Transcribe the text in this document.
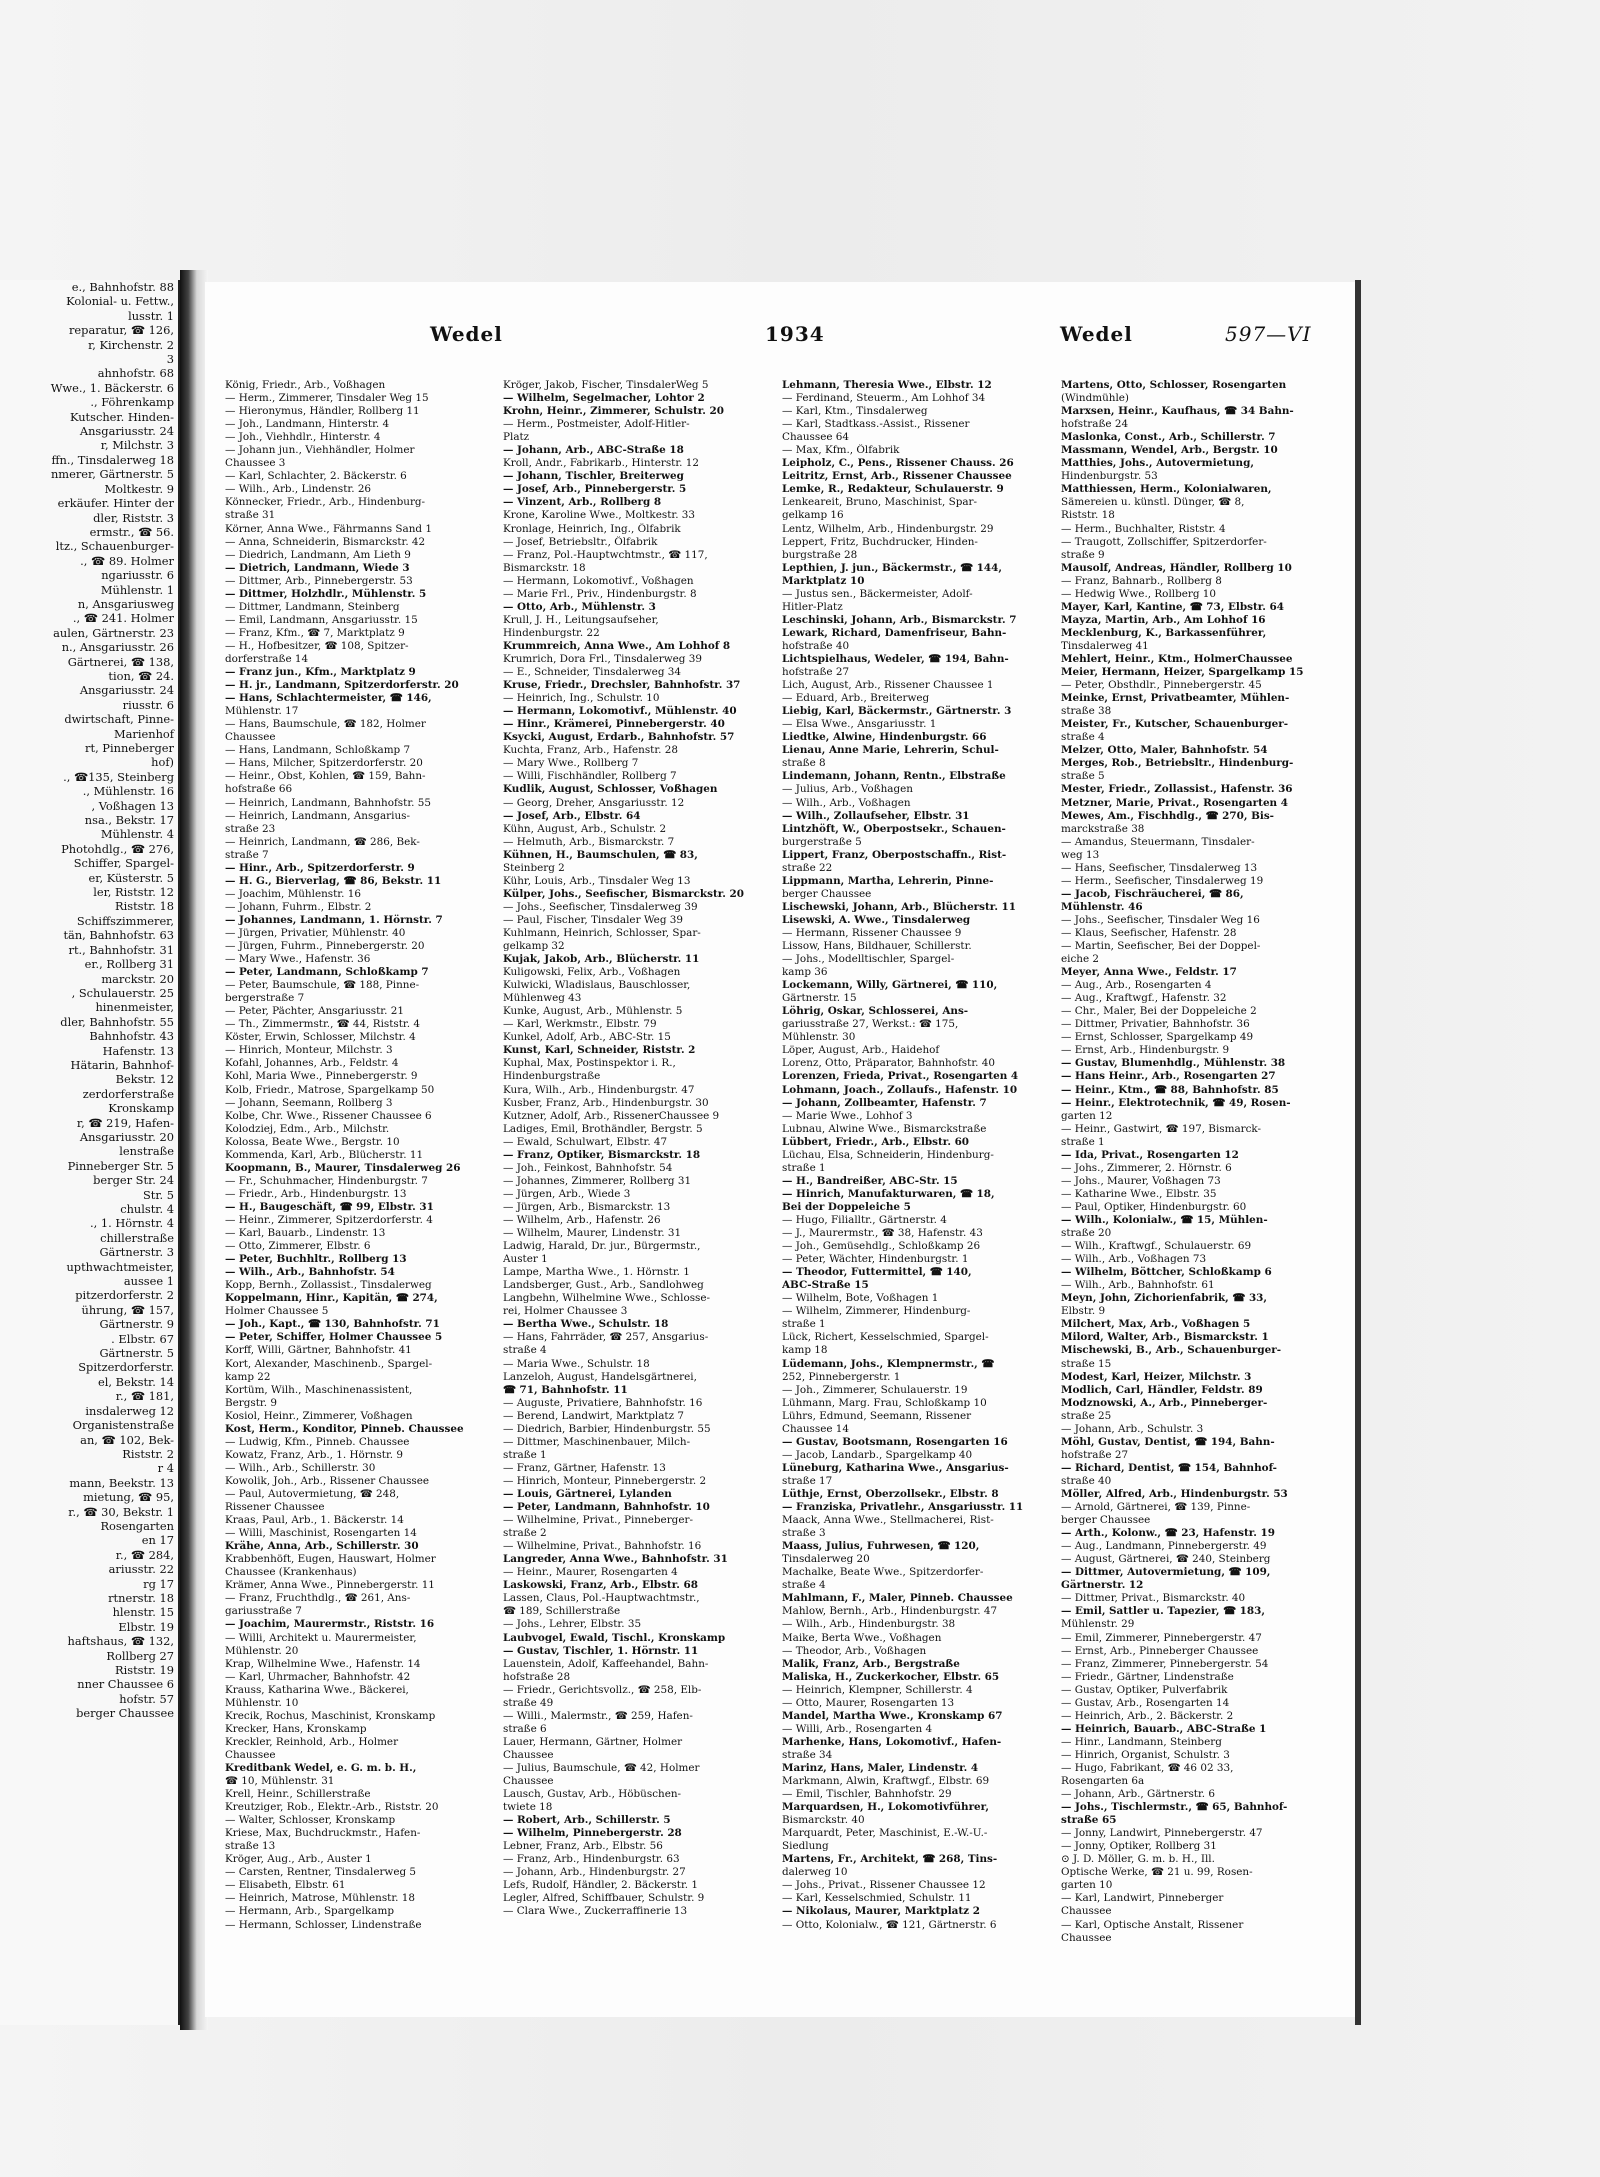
e., Bahnhofstr. 88
Kolonial- u. Fettw.,
lusstr. 1
reparatur, ☎ 126,
r, Kirchenstr. 2
3
ahnhofstr. 68
Wwe., 1. Bäckerstr. 6
., Föhrenkamp
Kutscher. Hinden-
Ansgariusstr. 24
r, Milchstr. 3
ffn., Tinsdalerweg 18
nmerer, Gärtnerstr. 5
Moltkestr. 9
erkäufer. Hinter der
dler, Riststr. 3
ermstr., ☎ 56.
ltz., Schauenburger-
., ☎ 89. Holmer
ngariusstr. 6
Mühlenstr. 1
n, Ansgariusweg
., ☎ 241. Holmer
aulen, Gärtnerstr. 23
n., Ansgariusstr. 26
Gärtnerei, ☎ 138,
tion, ☎ 24.
Ansgariusstr. 24
riusstr. 6
dwirtschaft, Pinne-
Marienhof
rt, Pinneberger
hof)
., ☎135, Steinberg
., Mühlenstr. 16
, Voßhagen 13
nsa., Bekstr. 17
Mühlenstr. 4
Photohdlg., ☎ 276,
Schiffer, Spargel-
er, Küsterstr. 5
ler, Riststr. 12
Riststr. 18
Schiffszimmerer,
tän, Bahnhofstr. 63
rt., Bahnhofstr. 31
er., Rollberg 31
marckstr. 20
, Schulauerstr. 25
hinenmeister,
dler, Bahnhofstr. 55
Bahnhofstr. 43
Hafenstr. 13
Hätarin, Bahnhof-
Bekstr. 12
zerdorferstraße
Kronskamp
r, ☎ 219, Hafen-
Ansgariusstr. 20
lenstraße
Pinneberger Str. 5
berger Str. 24
Str. 5
chulstr. 4
., 1. Hörnstr. 4
chillerstraße
Gärtnerstr. 3
upthwachtmeister,
aussee 1
pitzerdorferstr. 2
ührung, ☎ 157,
Gärtnerstr. 9
. Elbstr. 67
Gärtnerstr. 5
Spitzerdorferstr.
el, Bekstr. 14
r., ☎ 181,
insdalerweg 12
Organistenstraße
an, ☎ 102, Bek-
Riststr. 2
r 4
mann, Beekstr. 13
mietung, ☎ 95,
r., ☎ 30, Bekstr. 1
Rosengarten
en 17
r., ☎ 284,
ariusstr. 22
rg 17
rtnerstr. 18
hlenstr. 15
Elbstr. 19
haftshaus, ☎ 132,
Rollberg 27
Riststr. 19
nner Chaussee 6
hofstr. 57
berger Chaussee
Wedel	1934	Wedel	597—VI
König, Friedr., Arb., Voßhagen
— Herm., Zimmerer, Tinsdaler Weg 15
— Hieronymus, Händler, Rollberg 11
— Joh., Landmann, Hinterstr. 4
— Joh., Viehhdlr., Hinterstr. 4
— Johann jun., Viehhändler, Holmer
Chaussee 3
— Karl, Schlachter, 2. Bäckerstr. 6
— Wilh., Arb., Lindenstr. 26
Könnecker, Friedr., Arb., Hindenburg-
straße 31
Körner, Anna Wwe., Fährmanns Sand 1
— Anna, Schneiderin, Bismarckstr. 42
— Diedrich, Landmann, Am Lieth 9
— Dietrich, Landmann, Wiede 3
— Dittmer, Arb., Pinnebergerstr. 53
— Dittmer, Holzhdlr., Mühlenstr. 5
— Dittmer, Landmann, Steinberg
— Emil, Landmann, Ansgariusstr. 15
— Franz, Kfm., ☎ 7, Marktplatz 9
— H., Hofbesitzer, ☎ 108, Spitzer-
dorferstraße 14
— Franz jun., Kfm., Marktplatz 9
— H. jr., Landmann, Spitzerdorferstr. 20
— Hans, Schlachtermeister, ☎ 146,
Mühlenstr. 17
— Hans, Baumschule, ☎ 182, Holmer
Chaussee
— Hans, Landmann, Schloßkamp 7
— Hans, Milcher, Spitzerdorferstr. 20
— Heinr., Obst, Kohlen, ☎ 159, Bahn-
hofstraße 66
— Heinrich, Landmann, Bahnhofstr. 55
— Heinrich, Landmann, Ansgarius-
straße 23
— Heinrich, Landmann, ☎ 286, Bek-
straße 7
— Hinr., Arb., Spitzerdorferstr. 9
— H. G., Bierverlag, ☎ 86, Bekstr. 11
— Joachim, Mühlenstr. 16
— Johann, Fuhrm., Elbstr. 2
— Johannes, Landmann, 1. Hörnstr. 7
— Jürgen, Privatier, Mühlenstr. 40
— Jürgen, Fuhrm., Pinnebergerstr. 20
— Mary Wwe., Hafenstr. 36
— Peter, Landmann, Schloßkamp 7
— Peter, Baumschule, ☎ 188, Pinne-
bergerstraße 7
— Peter, Pächter, Ansgariusstr. 21
— Th., Zimmermstr., ☎ 44, Riststr. 4
Köster, Erwin, Schlosser, Milchstr. 4
— Hinrich, Monteur, Milchstr. 3
Kofahl, Johannes, Arb., Feldstr. 4
Kohl, Maria Wwe., Pinnebergerstr. 9
Kolb, Friedr., Matrose, Spargelkamp 50
— Johann, Seemann, Rollberg 3
Kolbe, Chr. Wwe., Rissener Chaussee 6
Kolodziej, Edm., Arb., Milchstr.
Kolossa, Beate Wwe., Bergstr. 10
Kommenda, Karl, Arb., Blücherstr. 11
Koopmann, B., Maurer, Tinsdalerweg 26
— Fr., Schuhmacher, Hindenburgstr. 7
— Friedr., Arb., Hindenburgstr. 13
— H., Baugeschäft, ☎ 99, Elbstr. 31
— Heinr., Zimmerer, Spitzerdorferstr. 4
— Karl, Bauarb., Lindenstr. 13
— Otto, Zimmerer, Elbstr. 6
— Peter, Buchhltr., Rollberg 13
— Wilh., Arb., Bahnhofstr. 54
Kopp, Bernh., Zollassist., Tinsdalerweg
Koppelmann, Hinr., Kapitän, ☎ 274,
Holmer Chaussee 5
— Joh., Kapt., ☎ 130, Bahnhofstr. 71
— Peter, Schiffer, Holmer Chaussee 5
Korff, Willi, Gärtner, Bahnhofstr. 41
Kort, Alexander, Maschinenb., Spargel-
kamp 22
Kortüm, Wilh., Maschinenassistent,
Bergstr. 9
Kosiol, Heinr., Zimmerer, Voßhagen
Kost, Herm., Konditor, Pinneb. Chaussee
— Ludwig, Kfm., Pinneb. Chaussee
Kowatz, Franz, Arb., 1. Hörnstr. 9
— Wilh., Arb., Schillerstr. 30
Kowolik, Joh., Arb., Rissener Chaussee
— Paul, Autovermietung, ☎ 248,
Rissener Chaussee
Kraas, Paul, Arb., 1. Bäckerstr. 14
— Willi, Maschinist, Rosengarten 14
Krähe, Anna, Arb., Schillerstr. 30
Krabbenhöft, Eugen, Hauswart, Holmer
Chaussee (Krankenhaus)
Krämer, Anna Wwe., Pinnebergerstr. 11
— Franz, Fruchthdlg., ☎ 261, Ans-
gariusstraße 7
— Joachim, Maurermstr., Riststr. 16
— Willi, Architekt u. Maurermeister,
Mühlenstr. 20
Krap, Wilhelmine Wwe., Hafenstr. 14
— Karl, Uhrmacher, Bahnhofstr. 42
Krauss, Katharina Wwe., Bäckerei,
Mühlenstr. 10
Krecik, Rochus, Maschinist, Kronskamp
Krecker, Hans, Kronskamp
Kreckler, Reinhold, Arb., Holmer
Chaussee
Kreditbank Wedel, e. G. m. b. H.,
☎ 10, Mühlenstr. 31
Krell, Heinr., Schillerstraße
Kreutziger, Rob., Elektr.-Arb., Riststr. 20
— Walter, Schlosser, Kronskamp
Kriese, Max, Buchdruckmstr., Hafen-
straße 13
Kröger, Aug., Arb., Auster 1
— Carsten, Rentner, Tinsdalerweg 5
— Elisabeth, Elbstr. 61
— Heinrich, Matrose, Mühlenstr. 18
— Hermann, Arb., Spargelkamp
— Hermann, Schlosser, Lindenstraße
Kröger, Jakob, Fischer, TinsdalerWeg 5
— Wilhelm, Segelmacher, Lohtor 2
Krohn, Heinr., Zimmerer, Schulstr. 20
— Herm., Postmeister, Adolf-Hitler-
Platz
— Johann, Arb., ABC-Straße 18
Kroll, Andr., Fabrikarb., Hinterstr. 12
— Johann, Tischler, Breiterweg
— Josef, Arb., Pinnebergerstr. 5
— Vinzent, Arb., Rollberg 8
Krone, Karoline Wwe., Moltkestr. 33
Kronlage, Heinrich, Ing., Ölfabrik
— Josef, Betriebsltr., Ölfabrik
— Franz, Pol.-Hauptwchtmstr., ☎ 117,
Bismarckstr. 18
— Hermann, Lokomotivf., Voßhagen
— Marie Frl., Priv., Hindenburgstr. 8
— Otto, Arb., Mühlenstr. 3
Krull, J. H., Leitungsaufseher,
Hindenburgstr. 22
Krummreich, Anna Wwe., Am Lohhof 8
Krumrich, Dora Frl., Tinsdalerweg 39
— E., Schneider, Tinsdalerweg 34
Kruse, Friedr., Drechsler, Bahnhofstr. 37
— Heinrich, Ing., Schulstr. 10
— Hermann, Lokomotivf., Mühlenstr. 40
— Hinr., Krämerei, Pinnebergerstr. 40
Ksycki, August, Erdarb., Bahnhofstr. 57
Kuchta, Franz, Arb., Hafenstr. 28
— Mary Wwe., Rollberg 7
— Willi, Fischhändler, Rollberg 7
Kudlik, August, Schlosser, Voßhagen
— Georg, Dreher, Ansgariusstr. 12
— Josef, Arb., Elbstr. 64
Kühn, August, Arb., Schulstr. 2
— Helmuth, Arb., Bismarckstr. 7
Kühnen, H., Baumschulen, ☎ 83,
Steinberg 2
Kühr, Louis, Arb., Tinsdaler Weg 13
Külper, Johs., Seefischer, Bismarckstr. 20
— Johs., Seefischer, Tinsdalerweg 39
— Paul, Fischer, Tinsdaler Weg 39
Kuhlmann, Heinrich, Schlosser, Spar-
gelkamp 32
Kujak, Jakob, Arb., Blücherstr. 11
Kuligowski, Felix, Arb., Voßhagen
Kulwicki, Wladislaus, Bauschlosser,
Mühlenweg 43
Kunke, August, Arb., Mühlenstr. 5
— Karl, Werkmstr., Elbstr. 79
Kunkel, Adolf, Arb., ABC-Str. 15
Kunst, Karl, Schneider, Riststr. 2
Kuphal, Max, Postinspektor i. R.,
Hindenburgstraße
Kura, Wilh., Arb., Hindenburgstr. 47
Kusber, Franz, Arb., Hindenburgstr. 30
Kutzner, Adolf, Arb., RissenerChaussee 9
Ladiges, Emil, Brothändler, Bergstr. 5
— Ewald, Schulwart, Elbstr. 47
— Franz, Optiker, Bismarckstr. 18
— Joh., Feinkost, Bahnhofstr. 54
— Johannes, Zimmerer, Rollberg 31
— Jürgen, Arb., Wiede 3
— Jürgen, Arb., Bismarckstr. 13
— Wilhelm, Arb., Hafenstr. 26
— Wilhelm, Maurer, Lindenstr. 31
Ladwig, Harald, Dr. jur., Bürgermstr.,
Auster 1
Lampe, Martha Wwe., 1. Hörnstr. 1
Landsberger, Gust., Arb., Sandlohweg
Langbehn, Wilhelmine Wwe., Schlosse-
rei, Holmer Chaussee 3
— Bertha Wwe., Schulstr. 18
— Hans, Fahrräder, ☎ 257, Ansgarius-
straße 4
— Maria Wwe., Schulstr. 18
Lanzeloh, August, Handelsgärtnerei,
☎ 71, Bahnhofstr. 11
— Auguste, Privatiere, Bahnhofstr. 16
— Berend, Landwirt, Marktplatz 7
— Diedrich, Barbier, Hindenburgstr. 55
— Dittmer, Maschinenbauer, Milch-
straße 1
— Franz, Gärtner, Hafenstr. 13
— Hinrich, Monteur, Pinnebergerstr. 2
— Louis, Gärtnerei, Lylanden
— Peter, Landmann, Bahnhofstr. 10
— Wilhelmine, Privat., Pinneberger-
straße 2
— Wilhelmine, Privat., Bahnhofstr. 16
Langreder, Anna Wwe., Bahnhofstr. 31
— Heinr., Maurer, Rosengarten 4
Laskowski, Franz, Arb., Elbstr. 68
Lassen, Claus, Pol.-Hauptwachtmstr.,
☎ 189, Schillerstraße
— Johs., Lehrer, Elbstr. 35
Laubvogel, Ewald, Tischl., Kronskamp
— Gustav, Tischler, 1. Hörnstr. 11
Lauenstein, Adolf, Kaffeehandel, Bahn-
hofstraße 28
— Friedr., Gerichtsvollz., ☎ 258, Elb-
straße 49
— Willi., Malermstr., ☎ 259, Hafen-
straße 6
Lauer, Hermann, Gärtner, Holmer
Chaussee
— Julius, Baumschule, ☎ 42, Holmer
Chaussee
Lausch, Gustav, Arb., Höbüschen-
twiete 18
— Robert, Arb., Schillerstr. 5
— Wilhelm, Pinnebergerstr. 28
Lebner, Franz, Arb., Elbstr. 56
— Franz, Arb., Hindenburgstr. 63
— Johann, Arb., Hindenburgstr. 27
Lefs, Rudolf, Händler, 2. Bäckerstr. 1
Legler, Alfred, Schiffbauer, Schulstr. 9
— Clara Wwe., Zuckerraffinerie 13
Lehmann, Theresia Wwe., Elbstr. 12
— Ferdinand, Steuerm., Am Lohhof 34
— Karl, Ktm., Tinsdalerweg
— Karl, Stadtkass.-Assist., Rissener
Chaussee 64
— Max, Kfm., Ölfabrik
Leipholz, C., Pens., Rissener Chauss. 26
Leitritz, Ernst, Arb., Rissener Chaussee
Lemke, R., Redakteur, Schulauerstr. 9
Lenkeareit, Bruno, Maschinist, Spar-
gelkamp 16
Lentz, Wilhelm, Arb., Hindenburgstr. 29
Leppert, Fritz, Buchdrucker, Hinden-
burgstraße 28
Lepthien, J. jun., Bäckermstr., ☎ 144,
Marktplatz 10
— Justus sen., Bäckermeister, Adolf-
Hitler-Platz
Leschinski, Johann, Arb., Bismarckstr. 7
Lewark, Richard, Damenfriseur, Bahn-
hofstraße 40
Lichtspielhaus, Wedeler, ☎ 194, Bahn-
hofstraße 27
Lich, August, Arb., Rissener Chaussee 1
— Eduard, Arb., Breiterweg
Liebig, Karl, Bäckermstr., Gärtnerstr. 3
— Elsa Wwe., Ansgariusstr. 1
Liedtke, Alwine, Hindenburgstr. 66
Lienau, Anne Marie, Lehrerin, Schul-
straße 8
Lindemann, Johann, Rentn., Elbstraße
— Julius, Arb., Voßhagen
— Wilh., Arb., Voßhagen
— Wilh., Zollaufseher, Elbstr. 31
Lintzhöft, W., Oberpostsekr., Schauen-
burgerstraße 5
Lippert, Franz, Oberpostschaffn., Rist-
straße 22
Lippmann, Martha, Lehrerin, Pinne-
berger Chaussee
Lischewski, Johann, Arb., Blücherstr. 11
Lisewski, A. Wwe., Tinsdalerweg
— Hermann, Rissener Chaussee 9
Lissow, Hans, Bildhauer, Schillerstr.
— Johs., Modelltischler, Spargel-
kamp 36
Lockemann, Willy, Gärtnerei, ☎ 110,
Gärtnerstr. 15
Löhrig, Oskar, Schlosserei, Ans-
gariusstraße 27, Werkst.: ☎ 175,
Mühlenstr. 30
Löper, August, Arb., Haidehof
Lorenz, Otto, Präparator, Bahnhofstr. 40
Lorenzen, Frieda, Privat., Rosengarten 4
Lohmann, Joach., Zollaufs., Hafenstr. 10
— Johann, Zollbeamter, Hafenstr. 7
— Marie Wwe., Lohhof 3
Lubnau, Alwine Wwe., Bismarckstraße
Lübbert, Friedr., Arb., Elbstr. 60
Lüchau, Elsa, Schneiderin, Hindenburg-
straße 1
— H., Bandreißer, ABC-Str. 15
— Hinrich, Manufakturwaren, ☎ 18,
Bei der Doppeleiche 5
— Hugo, Filialltr., Gärtnerstr. 4
— J., Maurermstr., ☎ 38, Hafenstr. 43
— Joh., Gemüsehdlg., Schloßkamp 26
— Peter, Wächter, Hindenburgstr. 1
— Theodor, Futtermittel, ☎ 140,
ABC-Straße 15
— Wilhelm, Bote, Voßhagen 1
— Wilhelm, Zimmerer, Hindenburg-
straße 1
Lück, Richert, Kesselschmied, Spargel-
kamp 18
Lüdemann, Johs., Klempnermstr., ☎
252, Pinnebergerstr. 1
— Joh., Zimmerer, Schulauerstr. 19
Lühmann, Marg. Frau, Schloßkamp 10
Lührs, Edmund, Seemann, Rissener
Chaussee 14
— Gustav, Bootsmann, Rosengarten 16
— Jacob, Landarb., Spargelkamp 40
Lüneburg, Katharina Wwe., Ansgarius-
straße 17
Lüthje, Ernst, Oberzollsekr., Elbstr. 8
— Franziska, Privatlehr., Ansgariusstr. 11
Maack, Anna Wwe., Stellmacherei, Rist-
straße 3
Maass, Julius, Fuhrwesen, ☎ 120,
Tinsdalerweg 20
Machalke, Beate Wwe., Spitzerdorfer-
straße 4
Mahlmann, F., Maler, Pinneb. Chaussee
Mahlow, Bernh., Arb., Hindenburgstr. 47
— Wilh., Arb., Hindenburgstr. 38
Maike, Berta Wwe., Voßhagen
— Theodor, Arb., Voßhagen
Malik, Franz, Arb., Bergstraße
Maliska, H., Zuckerkocher, Elbstr. 65
— Heinrich, Klempner, Schillerstr. 4
— Otto, Maurer, Rosengarten 13
Mandel, Martha Wwe., Kronskamp 67
— Willi, Arb., Rosengarten 4
Marhenke, Hans, Lokomotivf., Hafen-
straße 34
Marinz, Hans, Maler, Lindenstr. 4
Markmann, Alwin, Kraftwgf., Elbstr. 69
— Emil, Tischler, Bahnhofstr. 29
Marquardsen, H., Lokomotivführer,
Bismarckstr. 40
Marquardt, Peter, Maschinist, E.-W.-U.-
Siedlung
Martens, Fr., Architekt, ☎ 268, Tins-
dalerweg 10
— Johs., Privat., Rissener Chaussee 12
— Karl, Kesselschmied, Schulstr. 11
— Nikolaus, Maurer, Marktplatz 2
— Otto, Kolonialw., ☎ 121, Gärtnerstr. 6
Martens, Otto, Schlosser, Rosengarten
(Windmühle)
Marxsen, Heinr., Kaufhaus, ☎ 34 Bahn-
hofstraße 24
Maslonka, Const., Arb., Schillerstr. 7
Massmann, Wendel, Arb., Bergstr. 10
Matthies, Johs., Autovermietung,
Hindenburgstr. 53
Matthiessen, Herm., Kolonialwaren,
Sämereien u. künstl. Dünger, ☎ 8,
Riststr. 18
— Herm., Buchhalter, Riststr. 4
— Traugott, Zollschiffer, Spitzerdorfer-
straße 9
Mausolf, Andreas, Händler, Rollberg 10
— Franz, Bahnarb., Rollberg 8
— Hedwig Wwe., Rollberg 10
Mayer, Karl, Kantine, ☎ 73, Elbstr. 64
Mayza, Martin, Arb., Am Lohhof 16
Mecklenburg, K., Barkassenführer,
Tinsdalerweg 41
Mehlert, Heinr., Ktm., HolmerChaussee
Meier, Hermann, Heizer, Spargelkamp 15
— Peter, Obsthdlr., Pinnebergerstr. 45
Meinke, Ernst, Privatbeamter, Mühlen-
straße 38
Meister, Fr., Kutscher, Schauenburger-
straße 4
Melzer, Otto, Maler, Bahnhofstr. 54
Merges, Rob., Betriebsltr., Hindenburg-
straße 5
Mester, Friedr., Zollassist., Hafenstr. 36
Metzner, Marie, Privat., Rosengarten 4
Mewes, Am., Fischhdlg., ☎ 270, Bis-
marckstraße 38
— Amandus, Steuermann, Tinsdaler-
weg 13
— Hans, Seefischer, Tinsdalerweg 13
— Herm., Seefischer, Tinsdalerweg 19
— Jacob, Fischräucherei, ☎ 86,
Mühlenstr. 46
— Johs., Seefischer, Tinsdaler Weg 16
— Klaus, Seefischer, Hafenstr. 28
— Martin, Seefischer, Bei der Doppel-
eiche 2
Meyer, Anna Wwe., Feldstr. 17
— Aug., Arb., Rosengarten 4
— Aug., Kraftwgf., Hafenstr. 32
— Chr., Maler, Bei der Doppeleiche 2
— Dittmer, Privatier, Bahnhofstr. 36
— Ernst, Schlosser, Spargelkamp 49
— Ernst, Arb., Hindenburgstr. 9
— Gustav, Blumenhdlg., Mühlenstr. 38
— Hans Heinr., Arb., Rosengarten 27
— Heinr., Ktm., ☎ 88, Bahnhofstr. 85
— Heinr., Elektrotechnik, ☎ 49, Rosen-
garten 12
— Heinr., Gastwirt, ☎ 197, Bismarck-
straße 1
— Ida, Privat., Rosengarten 12
— Johs., Zimmerer, 2. Hörnstr. 6
— Johs., Maurer, Voßhagen 73
— Katharine Wwe., Elbstr. 35
— Paul, Optiker, Hindenburgstr. 60
— Wilh., Kolonialw., ☎ 15, Mühlen-
straße 20
— Wilh., Kraftwgf., Schulauerstr. 69
— Wilh., Arb., Voßhagen 73
— Wilhelm, Böttcher, Schloßkamp 6
— Wilh., Arb., Bahnhofstr. 61
Meyn, John, Zichorienfabrik, ☎ 33,
Elbstr. 9
Milchert, Max, Arb., Voßhagen 5
Milord, Walter, Arb., Bismarckstr. 1
Mischewski, B., Arb., Schauenburger-
straße 15
Modest, Karl, Heizer, Milchstr. 3
Modlich, Carl, Händler, Feldstr. 89
Modznowski, A., Arb., Pinneberger-
straße 25
— Johann, Arb., Schulstr. 3
Möhl, Gustav, Dentist, ☎ 194, Bahn-
hofstraße 27
— Richard, Dentist, ☎ 154, Bahnhof-
straße 40
Möller, Alfred, Arb., Hindenburgstr. 53
— Arnold, Gärtnerei, ☎ 139, Pinne-
berger Chaussee
— Arth., Kolonw., ☎ 23, Hafenstr. 19
— Aug., Landmann, Pinnebergerstr. 49
— August, Gärtnerei, ☎ 240, Steinberg
— Dittmer, Autovermietung, ☎ 109,
Gärtnerstr. 12
— Dittmer, Privat., Bismarckstr. 40
— Emil, Sattler u. Tapezier, ☎ 183,
Mühlenstr. 29
— Emil, Zimmerer, Pinnebergerstr. 47
— Ernst, Arb., Pinneberger Chaussee
— Franz, Zimmerer, Pinnebergerstr. 54
— Friedr., Gärtner, Lindenstraße
— Gustav, Optiker, Pulverfabrik
— Gustav, Arb., Rosengarten 14
— Heinrich, Arb., 2. Bäckerstr. 2
— Heinrich, Bauarb., ABC-Straße 1
— Hinr., Landmann, Steinberg
— Hinrich, Organist, Schulstr. 3
— Hugo, Fabrikant, ☎ 46 02 33,
Rosengarten 6a
— Johann, Arb., Gärtnerstr. 6
— Johs., Tischlermstr., ☎ 65, Bahnhof-
straße 65
— Jonny, Landwirt, Pinnebergerstr. 47
— Jonny, Optiker, Rollberg 31
⊙ J. D. Möller, G. m. b. H., Ill.
Optische Werke, ☎ 21 u. 99, Rosen-
garten 10
— Karl, Landwirt, Pinneberger
Chaussee
— Karl, Optische Anstalt, Rissener
Chaussee
